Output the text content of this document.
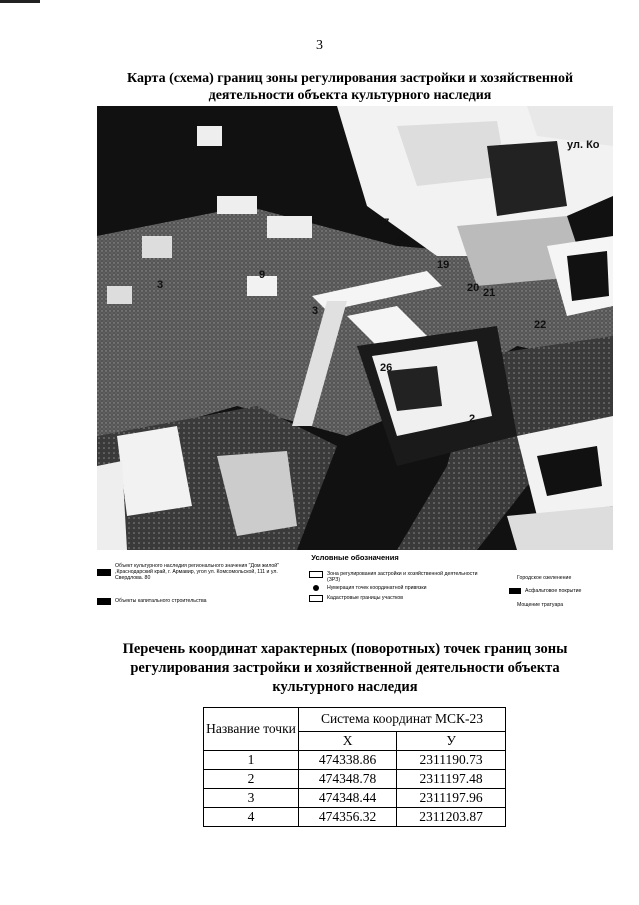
3
Карта (схема) границ зоны регулирования застройки и хозяйственной деятельности объекта культурного наследия
ул. Ко
3
9
3
17
18
19
20 21
22
26
2
Условные обозначения
Объект культурного наследия регионального значения "Дом жилой" ,Краснодарский край, г. Армавир, угол ул. Комсомольской, 111 и ул. Свердлова. 80
Объекты капитального строительства
Зона регулирования застройки и хозяйственной деятельности (ЗРЗ)
Нумерация точек координатной привязки
Кадастровые границы участков
Городское озеленение
Асфальтовое покрытие
Мощение тратуара
Перечень координат характерных (поворотных) точек границ зоны регулирования застройки и хозяйственной деятельности объекта культурного наследия
Название точки	Система координат МСК-23	
	Х	У
1	474338.86	2311190.73
2	474348.78	2311197.48
3	474348.44	2311197.96
4	474356.32	2311203.87
